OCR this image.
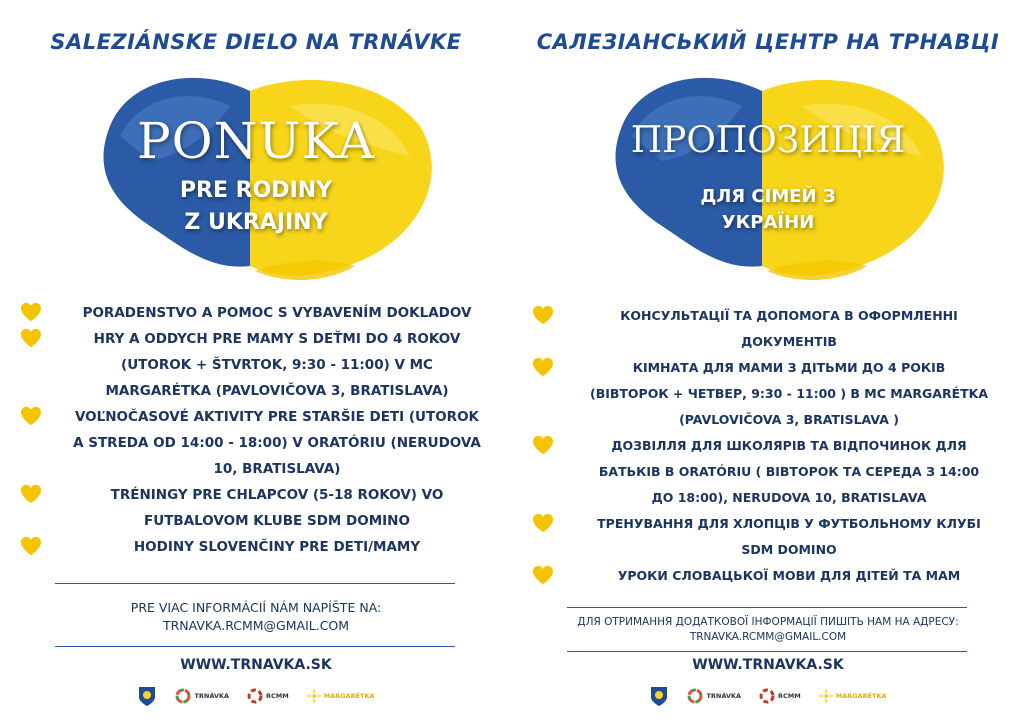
SALEZIÁNSKE DIELO NA TRNÁVKE
PONUKA
PRE RODINY
Z UKRAJINY
PORADENSTVO A POMOC S VYBAVENÍM DOKLADOV
HRY A ODDYCH PRE MAMY S DEŤMI DO 4 ROKOV
(UTOROK + ŠTVRTOK, 9:30 - 11:00) V MC
MARGARÉTKA (PAVLOVIČOVA 3, BRATISLAVA)
VOĽNOČASOVÉ AKTIVITY PRE STARŠIE DETI (UTOROK
A STREDA OD 14:00 - 18:00) V ORATÓRIU (NERUDOVA
10, BRATISLAVA)
TRÉNINGY PRE CHLAPCOV (5-18 ROKOV) VO
FUTBALOVOM KLUBE SDM DOMINO
HODINY SLOVENČINY PRE DETI/MAMY
PRE VIAC INFORMÁCIÍ NÁM NAPÍŠTE NA:
TRNAVKA.RCMM@GMAIL.COM
WWW.TRNAVKA.SK
TRNÁVKA	RCMM	MARGARÉTKA
САЛЕЗІАНСЬКИЙ ЦЕНТР НА ТРНАВЦІ
ПРОПОЗИЦІЯ
ДЛЯ СІМЕЙ З
УКРАЇНИ
КОНСУЛЬТАЦІЇ ТА ДОПОМОГА В ОФОРМЛЕННІ
ДОКУМЕНТІВ
КІМНАТА ДЛЯ МАМИ З ДІТЬМИ ДО 4 РОКІВ
(ВІВТОРОК + ЧЕТВЕР, 9:30 - 11:00 ) В MC MARGARÉTKA
(PAVLOVIČOVA 3, BRATISLAVA )
ДОЗВІЛЛЯ ДЛЯ ШКОЛЯРІВ ТА ВІДПОЧИНОК ДЛЯ
БАТЬКІВ В ORATÓRIU ( ВІВТОРОК ТА СЕРЕДА З 14:00
ДО 18:00), NERUDOVA 10, BRATISLAVA
ТРЕНУВАННЯ ДЛЯ ХЛОПЦІВ У ФУТБОЛЬНОМУ КЛУБІ
SDM DOMINO
УРОКИ СЛОВАЦЬКОЇ МОВИ ДЛЯ ДІТЕЙ ТА МАМ
ДЛЯ ОТРИМАННЯ ДОДАТКОВОЇ ІНФОРМАЦІЇ ПИШІТЬ НАМ НА АДРЕСУ:
TRNAVKA.RCMM@GMAIL.COM
WWW.TRNAVKA.SK
TRNÁVKA	RCMM	MARGARÉTKA
